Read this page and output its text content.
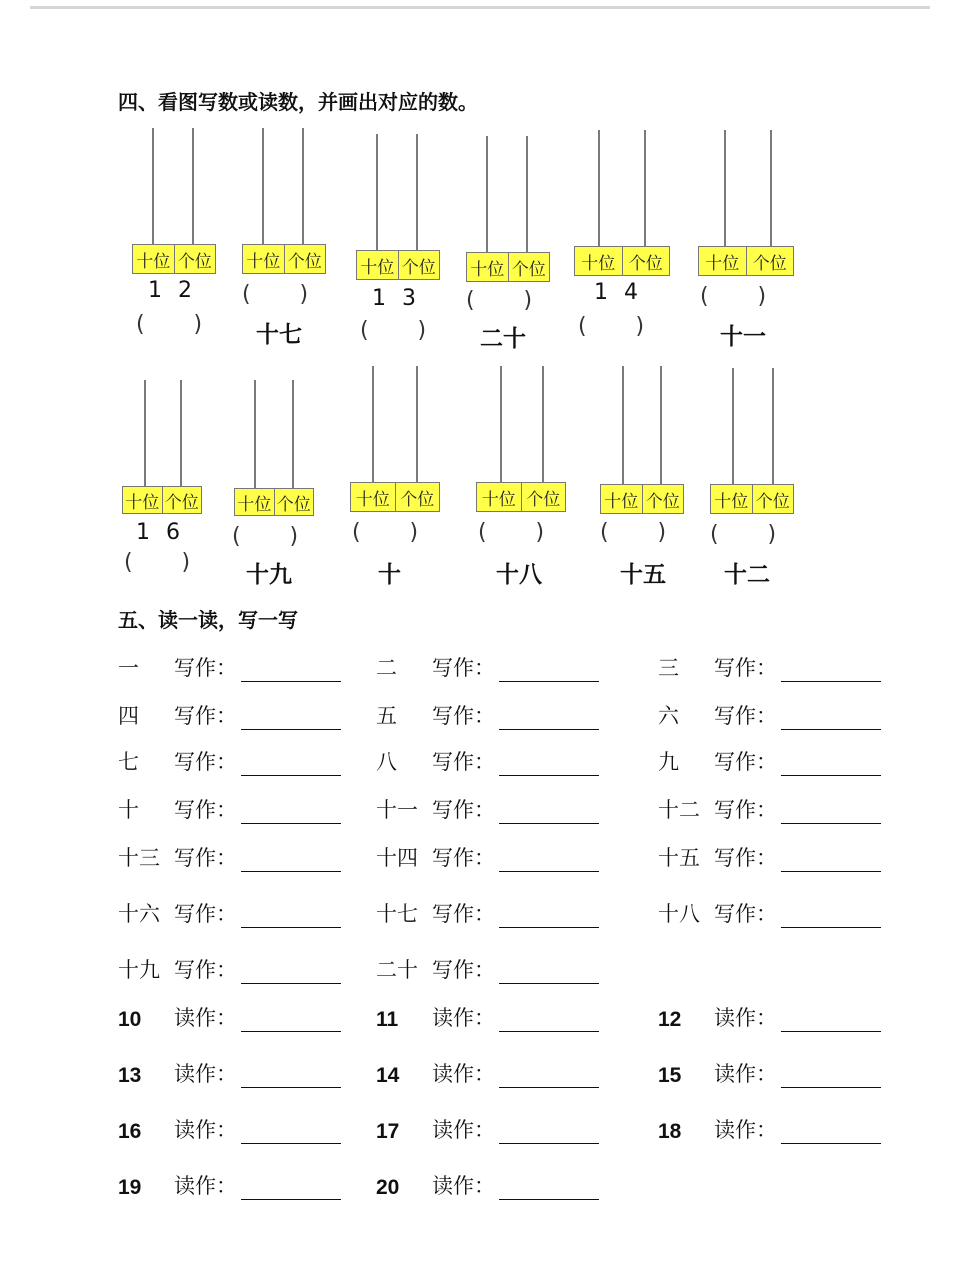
四、看图写数或读数，并画出对应的数。
十位 个位
12
(       )
十位 个位
(       )
十七
十位 个位
13
(       )
十位 个位
(       )
二十
十位 个位
14
(       )
十位 个位
(       )
十一
十位 个位
16
(       )
十位 个位
(       )
十九
十位 个位
(       )
十
十位 个位
(       )
十八
十位 个位
(       )
十五
十位 个位
(       )
十二
五、读一读，写一写
一	写作：	二	写作：	三	写作：
四	写作：	五	写作：	六	写作：
七	写作：	八	写作：	九	写作：
十	写作：	十一 写作：	十二 写作：
十三 写作：	十四 写作：	十五 写作：
十六 写作：	十七 写作：	十八 写作：
十九 写作：	二十 写作：
10	读作：	11	读作：	12	读作：
13	读作：	14	读作：	15	读作：
16	读作：	17	读作：	18	读作：
19	读作：	20	读作：
